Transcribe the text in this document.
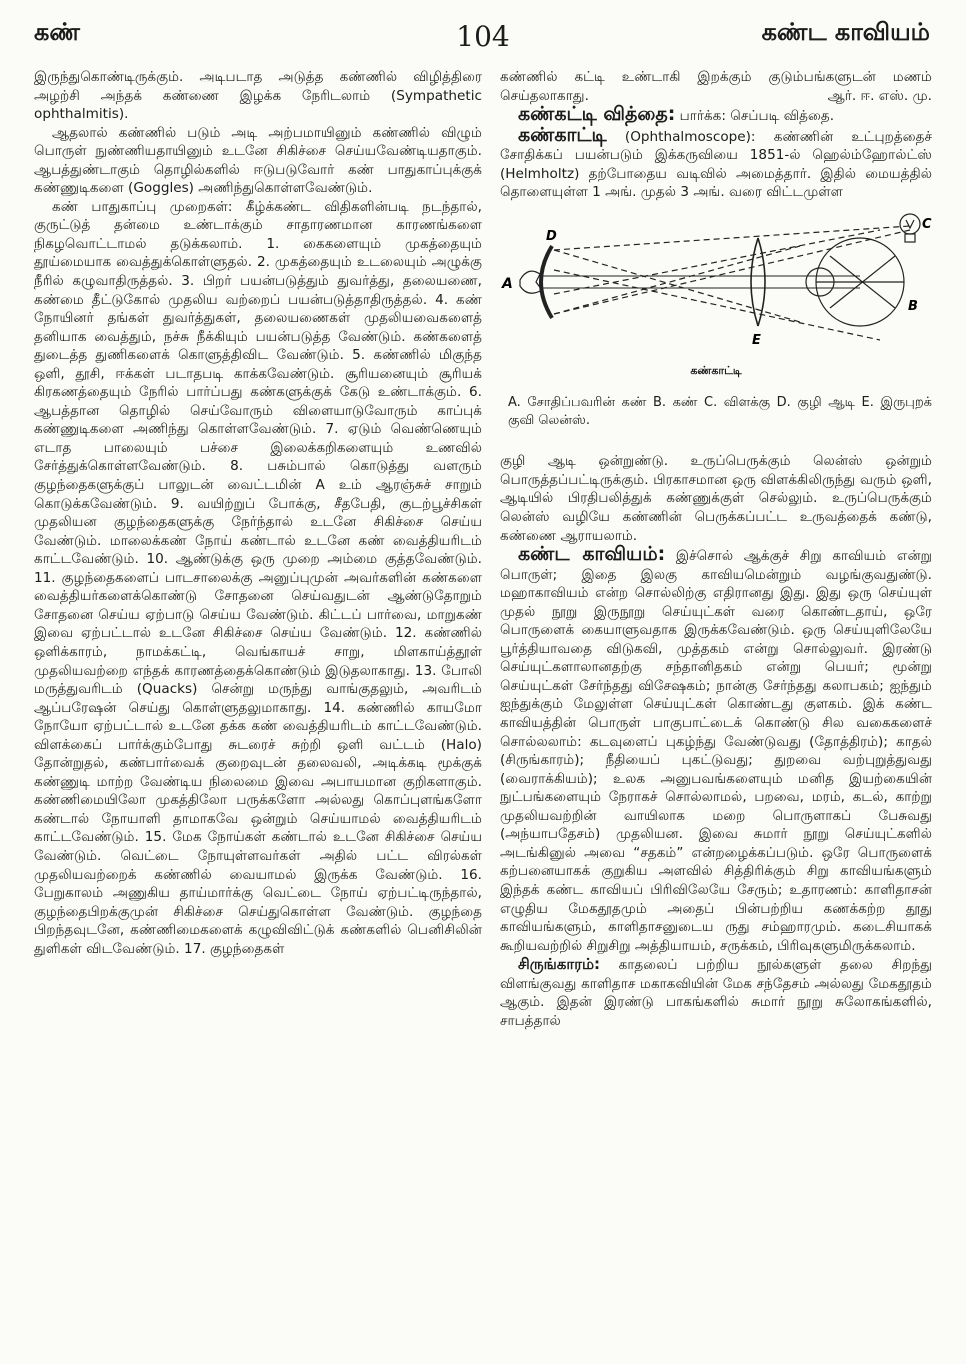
கண்	104	கண்ட காவியம்

இருந்துகொண்டிருக்கும். அடிபடாத அடுத்த கண்ணில் விழித்திரை அழற்சி அந்தக் கண்ணை இழக்க நேரிடலாம் (Sympathetic ophthalmitis).

ஆதலால் கண்ணில் படும் அடி அற்பமாயினும் கண்ணில் விழும் பொருள் நுண்ணியதாயினும் உடனே சிகிச்சை செய்யவேண்டியதாகும். ஆபத்துண்டாகும் தொழில்களில் ஈடுபடுவோர் கண் பாதுகாப்புக்குக் கண்ணுடிகளை (Goggles) அணிந்துகொள்ளவேண்டும்.

கண் பாதுகாப்பு முறைகள்: கீழ்க்கண்ட விதிகளின்படி நடந்தால், குருட்டுத் தன்மை உண்டாக்கும் சாதாரணமான காரணங்களை நிகழவொட்டாமல் தடுக்கலாம். 1. கைகளையும் முகத்தையும் தூய்மையாக வைத்துக்கொள்ளுதல். 2. முகத்தையும் உடலையும் அழுக்கு நீரில் கழுவாதிருத்தல். 3. பிறர் பயன்படுத்தும் துவர்த்து, தலையணை, கண்மை தீட்டுகோல் முதலிய வற்றைப் பயன்படுத்தாதிருத்தல். 4. கண் நோயினர் தங்கள் துவர்த்துகள், தலையணைகள் முதலியவைகளைத் தனியாக வைத்தும், நச்சு நீக்கியும் பயன்படுத்த வேண்டும். கண்களைத் துடைத்த துணிகளைக் கொளுத்திவிட வேண்டும். 5. கண்ணில் மிகுந்த ஒளி, தூசி, ஈக்கள் படாதபடி காக்கவேண்டும். சூரியனையும் சூரியக் கிரகணத்தையும் நேரில் பார்ப்பது கண்களுக்குக் கேடு உண்டாக்கும். 6. ஆபத்தான தொழில் செய்வோரும் விளையாடுவோரும் காப்புக் கண்ணுடிகளை அணிந்து கொள்ளவேண்டும். 7. ஏடும் வெண்ணெயும் எடாத பாலையும் பச்சை இலைக்கறிகளையும் உணவில் சேர்த்துக்கொள்ளவேண்டும். 8. பசும்பால் கொடுத்து வளரும் குழந்தைகளுக்குப் பாலுடன் வைட்டமின் A உம் ஆரஞ்சுச் சாறும் கொடுக்கவேண்டும். 9. வயிற்றுப் போக்கு, சீதபேதி, குடற்பூச்சிகள் முதலியன குழந்தைகளுக்கு நேர்ந்தால் உடனே சிகிச்சை செய்ய வேண்டும். மாலைக்கண் நோய் கண்டால் உடனே கண் வைத்தியரிடம் காட்டவேண்டும். 10. ஆண்டுக்கு ஒரு முறை அம்மை குத்தவேண்டும். 11. குழந்தைகளைப் பாடசாலைக்கு அனுப்புமுன் அவர்களின் கண்களை வைத்தியர்களைக்கொண்டு சோதனை செய்வதுடன் ஆண்டுதோறும் சோதனை செய்ய ஏற்பாடு செய்ய வேண்டும். கிட்டப் பார்வை, மாறுகண் இவை ஏற்பட்டால் உடனே சிகிச்சை செய்ய வேண்டும். 12. கண்ணில் ஒளிக்காரம், நாமக்கட்டி, வெங்காயச் சாறு, மிளகாய்த்தூள் முதலியவற்றை எந்தக் காரணத்தைக்கொண்டும் இடுதலாகாது. 13. போலி மருத்துவரிடம் (Quacks) சென்று மருந்து வாங்குதலும், அவரிடம் ஆப்பரேஷன் செய்து கொள்ளுதலுமாகாது. 14. கண்ணில் காயமோ நோயோ ஏற்பட்டால் உடனே தக்க கண் வைத்தியரிடம் காட்டவேண்டும். விளக்கைப் பார்க்கும்போது சுடரைச் சுற்றி ஒளி வட்டம் (Halo) தோன்றுதல், கண்பார்வைக் குறைவுடன் தலைவலி, அடிக்கடி மூக்குக் கண்ணுடி மாற்ற வேண்டிய நிலைமை இவை அபாயமான குறிகளாகும். கண்ணிமையிலோ முகத்திலோ பருக்களோ அல்லது கொப்புளங்களோ கண்டால் நோயாளி தாமாகவே ஒன்றும் செய்யாமல் வைத்தியரிடம் காட்டவேண்டும். 15. மேக நோய்கள் கண்டால் உடனே சிகிச்சை செய்ய வேண்டும். வெட்டை நோயுள்ளவர்கள் அதில் பட்ட விரல்கள் முதலியவற்றைக் கண்ணில் வையாமல் இருக்க வேண்டும். 16. பேறுகாலம் அணுகிய தாய்மார்க்கு வெட்டை நோய் ஏற்பட்டிருந்தால், குழந்தைபிறக்குமுன் சிகிச்சை செய்துகொள்ள வேண்டும். குழந்தை பிறந்தவுடனே, கண்ணிமைகளைக் கழுவிவிட்டுக் கண்களில் பெனிசிலின் துளிகள் விடவேண்டும். 17. குழந்தைகள்

கண்ணில் கட்டி உண்டாகி இறக்கும் குடும்பங்களுடன் மணம் செய்தலாகாது.	ஆர். ஈ. எஸ். மு.

கண்கட்டி வித்தை: பார்க்க: செப்படி வித்தை.

கண்காட்டி (Ophthalmoscope): கண்ணின் உட்புறத்தைச் சோதிக்கப் பயன்படும் இக்கருவியை 1851-ல் ஹெல்ம்ஹோல்ட்ஸ் (Helmholtz) தற்போதைய வடிவில் அமைத்தார். இதில் மையத்தில் தொளையுள்ள 1 அங். முதல் 3 அங். வரை விட்டமுள்ள

A
D
C
B
E
கண்காட்டி
A. சோதிப்பவரின் கண் B. கண் C. விளக்கு D. குழி ஆடி E. இருபுறக் குவி லென்ஸ்.

குழி ஆடி ஒன்றுண்டு. உருப்பெருக்கும் லென்ஸ் ஒன்றும் பொருத்தப்பட்டிருக்கும். பிரகாசமான ஒரு விளக்கிலிருந்து வரும் ஒளி, ஆடியில் பிரதிபலித்துக் கண்ணுக்குள் செல்லும். உருப்பெருக்கும் லென்ஸ் வழியே கண்ணின் பெருக்கப்பட்ட உருவத்தைக் கண்டு, கண்ணை ஆராயலாம்.

கண்ட காவியம்: இச்சொல் ஆக்குச் சிறு காவியம் என்று பொருள்; இதை இலகு காவியமென்றும் வழங்குவதுண்டு. மஹாகாவியம் என்ற சொல்லிற்கு எதிரானது இது. இது ஒரு செய்யுள் முதல் நூறு இருநூறு செய்யுட்கள் வரை கொண்டதாய், ஒரே பொருளைக் கையாளுவதாக இருக்கவேண்டும். ஒரு செய்யுளிலேயே பூர்த்தியாவதை விடுகவி, முத்தகம் என்று சொல்லுவர். இரண்டு செய்யுட்களாலானதற்கு சந்தானிதகம் என்று பெயர்; மூன்று செய்யுட்கள் சேர்ந்தது விசேஷகம்; நான்கு சேர்ந்தது கலாபகம்; ஐந்தும் ஐந்துக்கும் மேலுள்ள செய்யுட்கள் கொண்டது குளகம். இக் கண்ட காவியத்தின் பொருள் பாகுபாட்டைக் கொண்டு சில வகைகளைச் சொல்லலாம்: கடவுளைப் புகழ்ந்து வேண்டுவது (தோத்திரம்); காதல் (சிருங்காரம்); நீதியைப் புகட்டுவது; துறவை வற்புறுத்துவது (வைராக்கியம்); உலக அனுபவங்களையும் மனித இயற்கையின் நுட்பங்களையும் நேராகச் சொல்லாமல், பறவை, மரம், கடல், காற்று முதலியவற்றின் வாயிலாக மறை பொருளாகப் பேசுவது (அந்யாபதேசம்) முதலியன. இவை சுமார் நூறு செய்யுட்களில் அடங்கினுல் அவை “சதகம்” என்றழைக்கப்படும். ஒரே பொருளைக் கற்பனையாகக் குறுகிய அளவில் சித்திரிக்கும் சிறு காவியங்களும் இந்தக் கண்ட காவியப் பிரிவிலேயே சேரும்; உதாரணம்: காளிதாசன் எழுதிய மேகதூதமும் அதைப் பின்பற்றிய கணக்கற்ற தூது காவியங்களும், காளிதாசனுடைய ருது சம்ஹாரமும். கடைசியாகக் கூறியவற்றில் சிறுசிறு அத்தியாயம், சருக்கம், பிரிவுகளுமிருக்கலாம்.

சிருங்காரம்: காதலைப் பற்றிய நூல்களுள் தலை சிறந்து விளங்குவது காளிதாச மகாகவியின் மேக சந்தேசம் அல்லது மேகதூதம் ஆகும். இதன் இரண்டு பாகங்களில் சுமார் நூறு சுலோகங்களில், சாபத்தால்
